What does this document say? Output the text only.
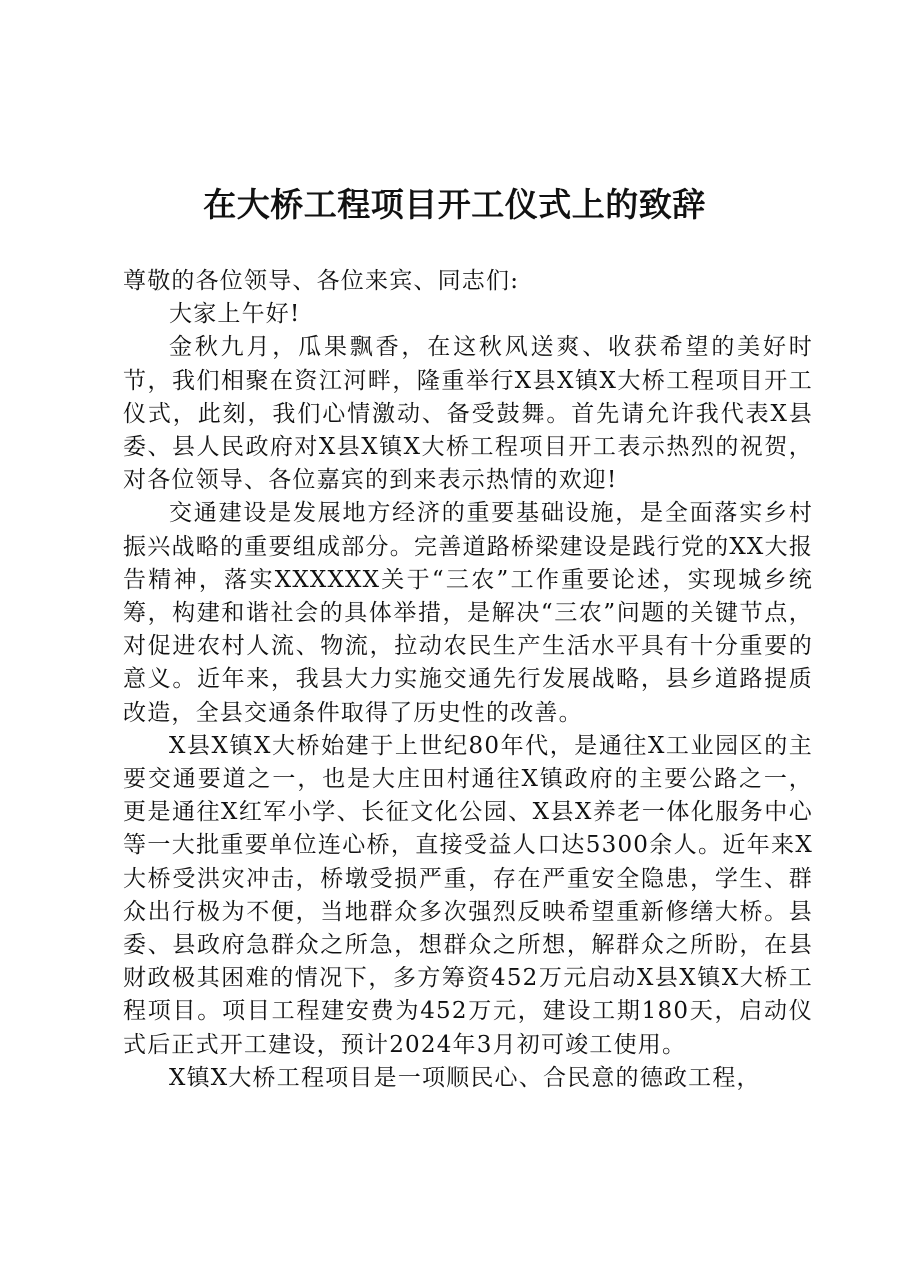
在大桥工程项目开工仪式上的致辞

尊敬的各位领导、各位来宾、同志们:

大家上午好!

金秋九月，瓜果飘香，在这秋风送爽、收获希望的美好时节，我们相聚在资江河畔，隆重举行X县X镇X大桥工程项目开工仪式，此刻，我们心情激动、备受鼓舞。首先请允许我代表X县委、县人民政府对X县X镇X大桥工程项目开工表示热烈的祝贺，对各位领导、各位嘉宾的到来表示热情的欢迎!

交通建设是发展地方经济的重要基础设施，是全面落实乡村振兴战略的重要组成部分。完善道路桥梁建设是践行党的XX大报告精神，落实XXXXXX关于“三农”工作重要论述，实现城乡统筹，构建和谐社会的具体举措，是解决“三农”问题的关键节点，对促进农村人流、物流，拉动农民生产生活水平具有十分重要的意义。近年来，我县大力实施交通先行发展战略，县乡道路提质改造，全县交通条件取得了历史性的改善。

X县X镇X大桥始建于上世纪80年代，是通往X工业园区的主要交通要道之一，也是大庄田村通往X镇政府的主要公路之一，更是通往X红军小学、长征文化公园、X县X养老一体化服务中心等一大批重要单位连心桥，直接受益人口达5300余人。近年来X大桥受洪灾冲击，桥墩受损严重，存在严重安全隐患，学生、群众出行极为不便，当地群众多次强烈反映希望重新修缮大桥。县委、县政府急群众之所急，想群众之所想，解群众之所盼，在县财政极其困难的情况下，多方筹资452万元启动X县X镇X大桥工程项目。项目工程建安费为452万元，建设工期180天，启动仪式后正式开工建设，预计2024年3月初可竣工使用。

X镇X大桥工程项目是一项顺民心、合民意的德政工程，
